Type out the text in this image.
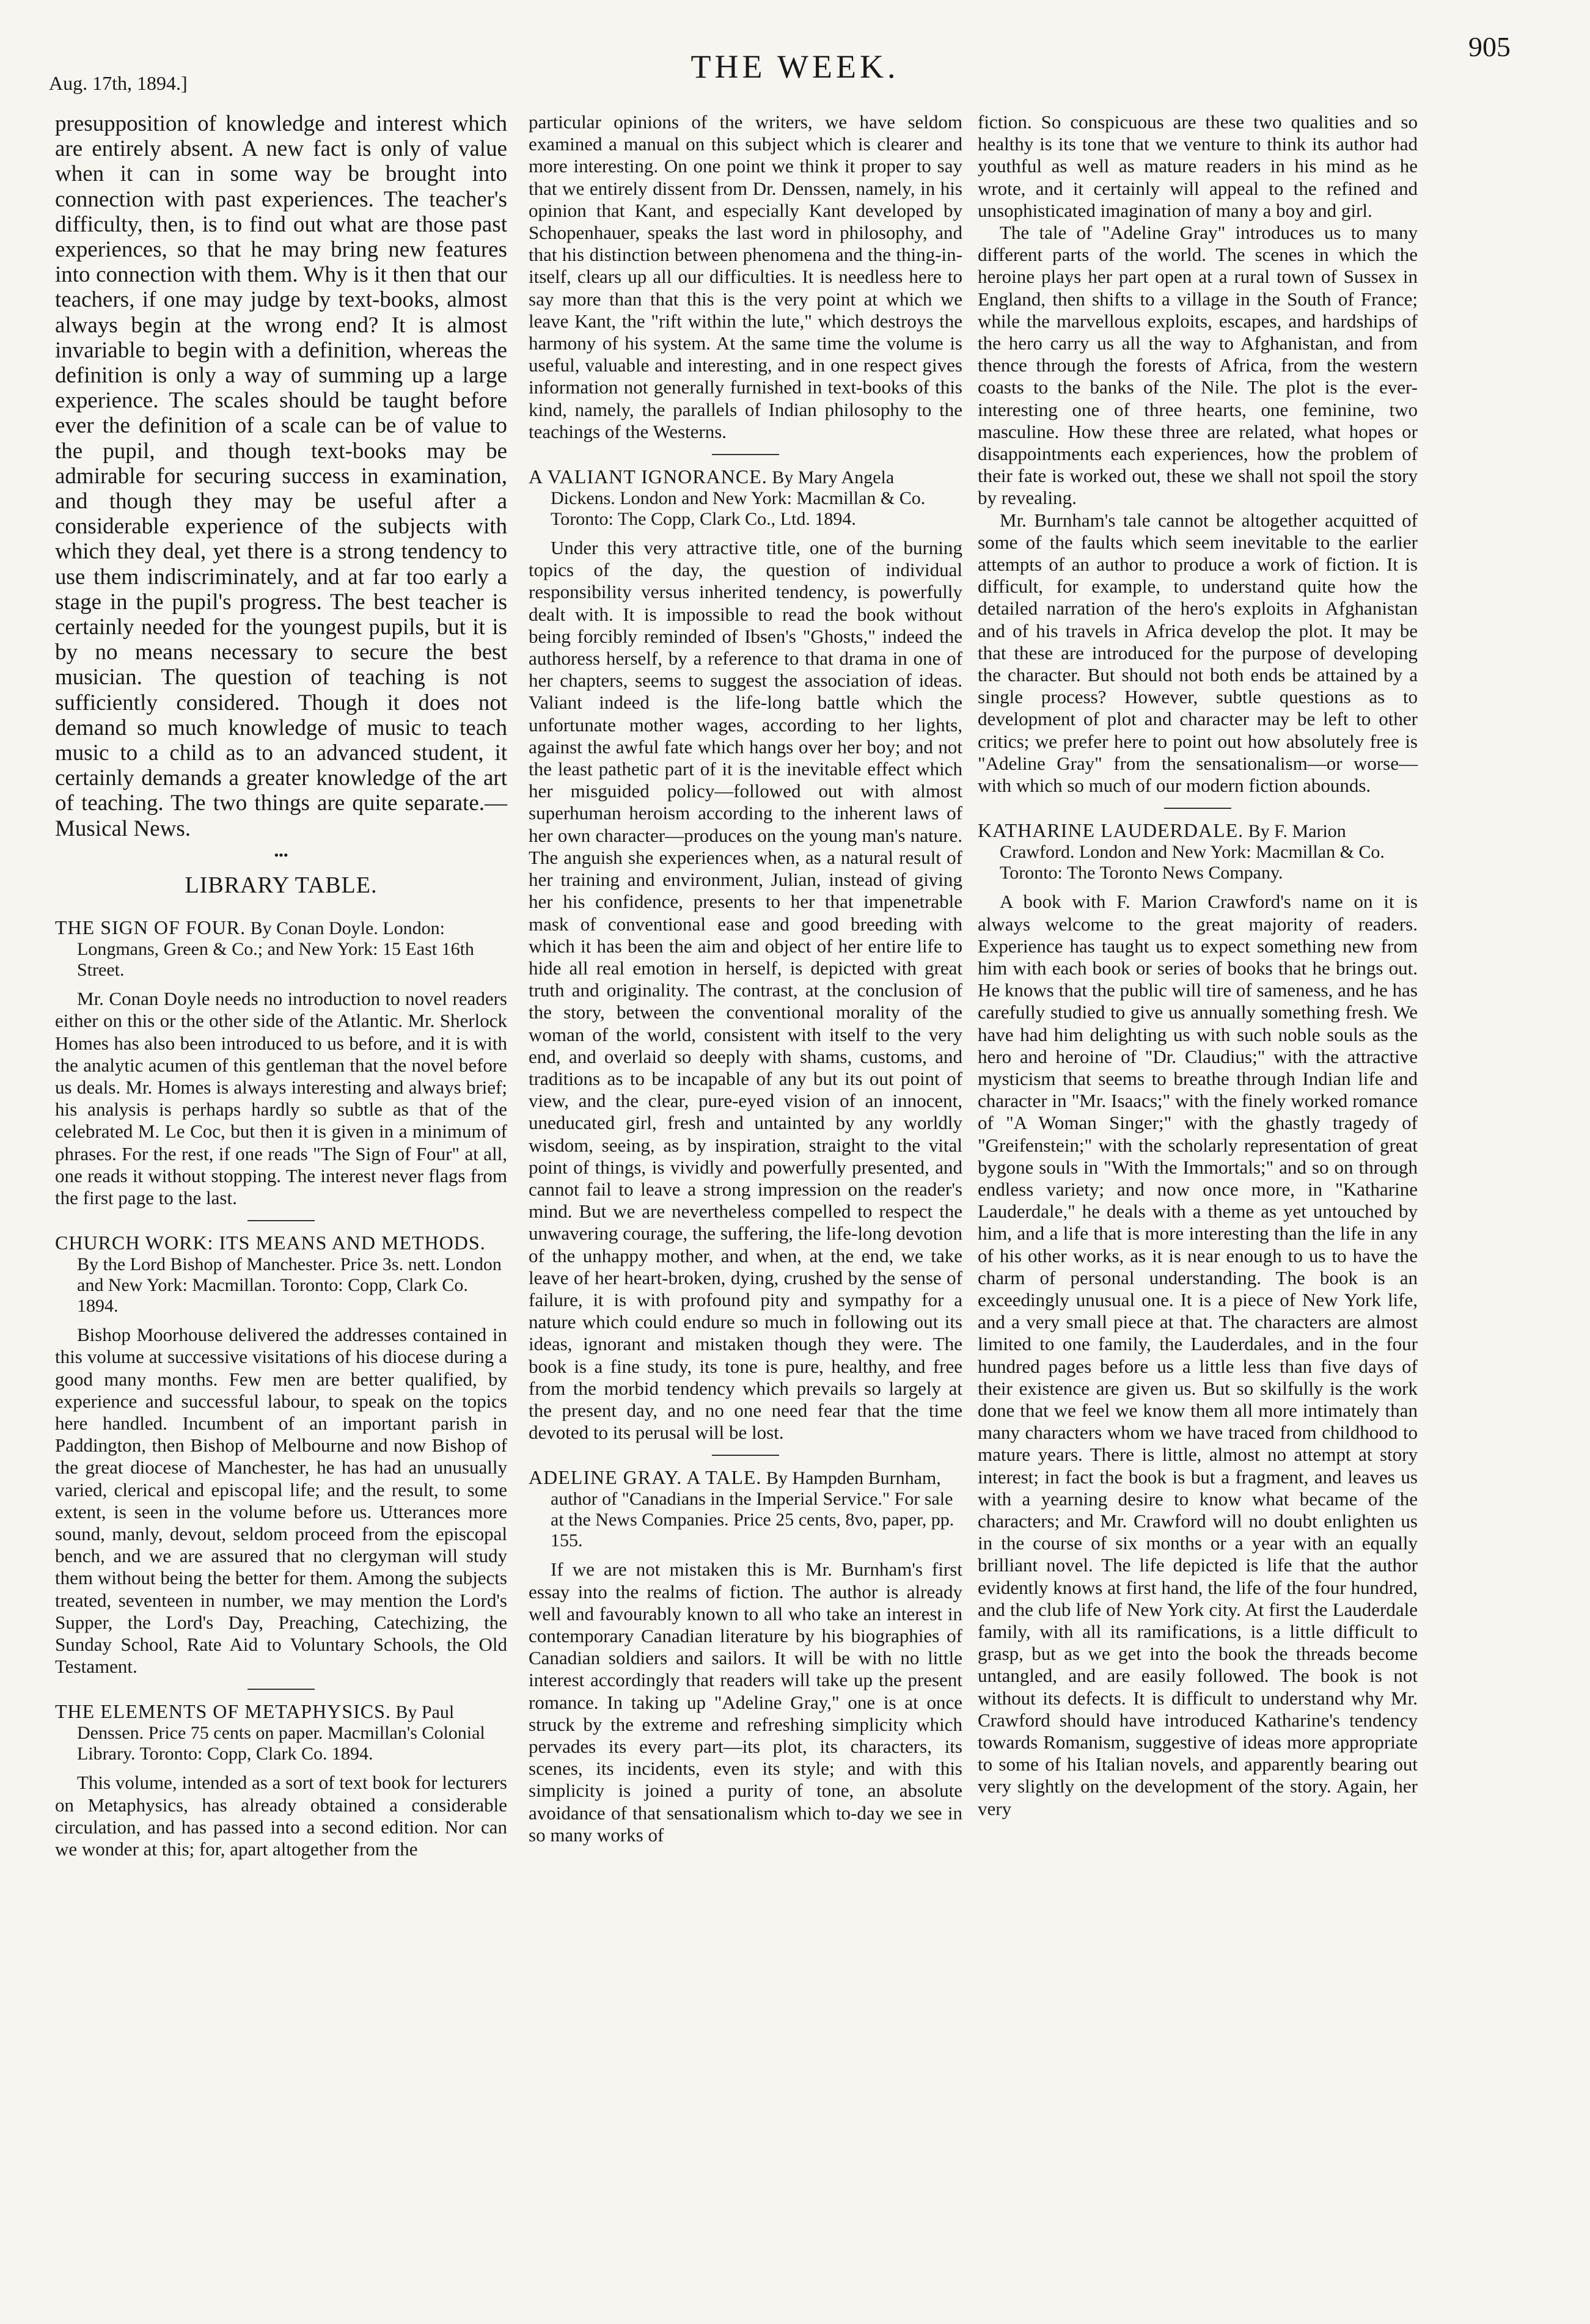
Aug. 17th, 1894.]	THE WEEK.
905

presupposition of knowledge and interest which are entirely absent. A new fact is only of value when it can in some way be brought into connection with past experiences. The teacher's difficulty, then, is to find out what are those past experiences, so that he may bring new features into connection with them. Why is it then that our teachers, if one may judge by text-books, almost always begin at the wrong end? It is almost invariable to begin with a definition, whereas the definition is only a way of summing up a large experience. The scales should be taught before ever the definition of a scale can be of value to the pupil, and though text-books may be admirable for securing success in examination, and though they may be useful after a considerable experience of the subjects with which they deal, yet there is a strong tendency to use them indiscriminately, and at far too early a stage in the pupil's progress. The best teacher is certainly needed for the youngest pupils, but it is by no means necessary to secure the best musician. The question of teaching is not sufficiently considered. Though it does not demand so much knowledge of music to teach music to a child as to an advanced student, it certainly demands a greater knowledge of the art of teaching. The two things are quite separate.—Musical News.

•••
LIBRARY TABLE.
THE SIGN OF FOUR. By Conan Doyle. London: Longmans, Green & Co.; and New York: 15 East 16th Street.

Mr. Conan Doyle needs no introduction to novel readers either on this or the other side of the Atlantic. Mr. Sherlock Homes has also been introduced to us before, and it is with the analytic acumen of this gentleman that the novel before us deals. Mr. Homes is always interesting and always brief; his analysis is perhaps hardly so subtle as that of the celebrated M. Le Coc, but then it is given in a minimum of phrases. For the rest, if one reads "The Sign of Four" at all, one reads it without stopping. The interest never flags from the first page to the last.

CHURCH WORK: ITS MEANS AND METHODS. By the Lord Bishop of Manchester. Price 3s. nett. London and New York: Macmillan. Toronto: Copp, Clark Co. 1894.

Bishop Moorhouse delivered the addresses contained in this volume at successive visitations of his diocese during a good many months. Few men are better qualified, by experience and successful labour, to speak on the topics here handled. Incumbent of an important parish in Paddington, then Bishop of Melbourne and now Bishop of the great diocese of Manchester, he has had an unusually varied, clerical and episcopal life; and the result, to some extent, is seen in the volume before us. Utterances more sound, manly, devout, seldom proceed from the episcopal bench, and we are assured that no clergyman will study them without being the better for them. Among the subjects treated, seventeen in number, we may mention the Lord's Supper, the Lord's Day, Preaching, Catechizing, the Sunday School, Rate Aid to Voluntary Schools, the Old Testament.

THE ELEMENTS OF METAPHYSICS. By Paul Denssen. Price 75 cents on paper. Macmillan's Colonial Library. Toronto: Copp, Clark Co. 1894.

This volume, intended as a sort of text book for lecturers on Metaphysics, has already obtained a considerable circulation, and has passed into a second edition. Nor can we wonder at this; for, apart altogether from the

particular opinions of the writers, we have seldom examined a manual on this subject which is clearer and more interesting. On one point we think it proper to say that we entirely dissent from Dr. Denssen, namely, in his opinion that Kant, and especially Kant developed by Schopenhauer, speaks the last word in philosophy, and that his distinction between phenomena and the thing-in-itself, clears up all our difficulties. It is needless here to say more than that this is the very point at which we leave Kant, the "rift within the lute," which destroys the harmony of his system. At the same time the volume is useful, valuable and interesting, and in one respect gives information not generally furnished in text-books of this kind, namely, the parallels of Indian philosophy to the teachings of the Westerns.

A VALIANT IGNORANCE. By Mary Angela Dickens. London and New York: Macmillan & Co. Toronto: The Copp, Clark Co., Ltd. 1894.

Under this very attractive title, one of the burning topics of the day, the question of individual responsibility versus inherited tendency, is powerfully dealt with. It is impossible to read the book without being forcibly reminded of Ibsen's "Ghosts," indeed the authoress herself, by a reference to that drama in one of her chapters, seems to suggest the association of ideas. Valiant indeed is the life-long battle which the unfortunate mother wages, according to her lights, against the awful fate which hangs over her boy; and not the least pathetic part of it is the inevitable effect which her misguided policy—followed out with almost superhuman heroism according to the inherent laws of her own character—produces on the young man's nature. The anguish she experiences when, as a natural result of her training and environment, Julian, instead of giving her his confidence, presents to her that impenetrable mask of conventional ease and good breeding with which it has been the aim and object of her entire life to hide all real emotion in herself, is depicted with great truth and originality. The contrast, at the conclusion of the story, between the conventional morality of the woman of the world, consistent with itself to the very end, and overlaid so deeply with shams, customs, and traditions as to be incapable of any but its out point of view, and the clear, pure-eyed vision of an innocent, uneducated girl, fresh and untainted by any worldly wisdom, seeing, as by inspiration, straight to the vital point of things, is vividly and powerfully presented, and cannot fail to leave a strong impression on the reader's mind. But we are nevertheless compelled to respect the unwavering courage, the suffering, the life-long devotion of the unhappy mother, and when, at the end, we take leave of her heart-broken, dying, crushed by the sense of failure, it is with profound pity and sympathy for a nature which could endure so much in following out its ideas, ignorant and mistaken though they were. The book is a fine study, its tone is pure, healthy, and free from the morbid tendency which prevails so largely at the present day, and no one need fear that the time devoted to its perusal will be lost.

ADELINE GRAY. A TALE. By Hampden Burnham, author of "Canadians in the Imperial Service." For sale at the News Companies. Price 25 cents, 8vo, paper, pp. 155.

If we are not mistaken this is Mr. Burnham's first essay into the realms of fiction. The author is already well and favourably known to all who take an interest in contemporary Canadian literature by his biographies of Canadian soldiers and sailors. It will be with no little interest accordingly that readers will take up the present romance. In taking up "Adeline Gray," one is at once struck by the extreme and refreshing simplicity which pervades its every part—its plot, its characters, its scenes, its incidents, even its style; and with this simplicity is joined a purity of tone, an absolute avoidance of that sensationalism which to-day we see in so many works of

fiction. So conspicuous are these two qualities and so healthy is its tone that we venture to think its author had youthful as well as mature readers in his mind as he wrote, and it certainly will appeal to the refined and unsophisticated imagination of many a boy and girl.

The tale of "Adeline Gray" introduces us to many different parts of the world. The scenes in which the heroine plays her part open at a rural town of Sussex in England, then shifts to a village in the South of France; while the marvellous exploits, escapes, and hardships of the hero carry us all the way to Afghanistan, and from thence through the forests of Africa, from the western coasts to the banks of the Nile. The plot is the ever-interesting one of three hearts, one feminine, two masculine. How these three are related, what hopes or disappointments each experiences, how the problem of their fate is worked out, these we shall not spoil the story by revealing.

Mr. Burnham's tale cannot be altogether acquitted of some of the faults which seem inevitable to the earlier attempts of an author to produce a work of fiction. It is difficult, for example, to understand quite how the detailed narration of the hero's exploits in Afghanistan and of his travels in Africa develop the plot. It may be that these are introduced for the purpose of developing the character. But should not both ends be attained by a single process? However, subtle questions as to development of plot and character may be left to other critics; we prefer here to point out how absolutely free is "Adeline Gray" from the sensationalism—or worse—with which so much of our modern fiction abounds.

KATHARINE LAUDERDALE. By F. Marion Crawford. London and New York: Macmillan & Co. Toronto: The Toronto News Company.

A book with F. Marion Crawford's name on it is always welcome to the great majority of readers. Experience has taught us to expect something new from him with each book or series of books that he brings out. He knows that the public will tire of sameness, and he has carefully studied to give us annually something fresh. We have had him delighting us with such noble souls as the hero and heroine of "Dr. Claudius;" with the attractive mysticism that seems to breathe through Indian life and character in "Mr. Isaacs;" with the finely worked romance of "A Woman Singer;" with the ghastly tragedy of "Greifenstein;" with the scholarly representation of great bygone souls in "With the Immortals;" and so on through endless variety; and now once more, in "Katharine Lauderdale," he deals with a theme as yet untouched by him, and a life that is more interesting than the life in any of his other works, as it is near enough to us to have the charm of personal understanding. The book is an exceedingly unusual one. It is a piece of New York life, and a very small piece at that. The characters are almost limited to one family, the Lauderdales, and in the four hundred pages before us a little less than five days of their existence are given us. But so skilfully is the work done that we feel we know them all more intimately than many characters whom we have traced from childhood to mature years. There is little, almost no attempt at story interest; in fact the book is but a fragment, and leaves us with a yearning desire to know what became of the characters; and Mr. Crawford will no doubt enlighten us in the course of six months or a year with an equally brilliant novel. The life depicted is life that the author evidently knows at first hand, the life of the four hundred, and the club life of New York city. At first the Lauderdale family, with all its ramifications, is a little difficult to grasp, but as we get into the book the threads become untangled, and are easily followed. The book is not without its defects. It is difficult to understand why Mr. Crawford should have introduced Katharine's tendency towards Romanism, suggestive of ideas more appropriate to some of his Italian novels, and apparently bearing out very slightly on the development of the story. Again, her very
